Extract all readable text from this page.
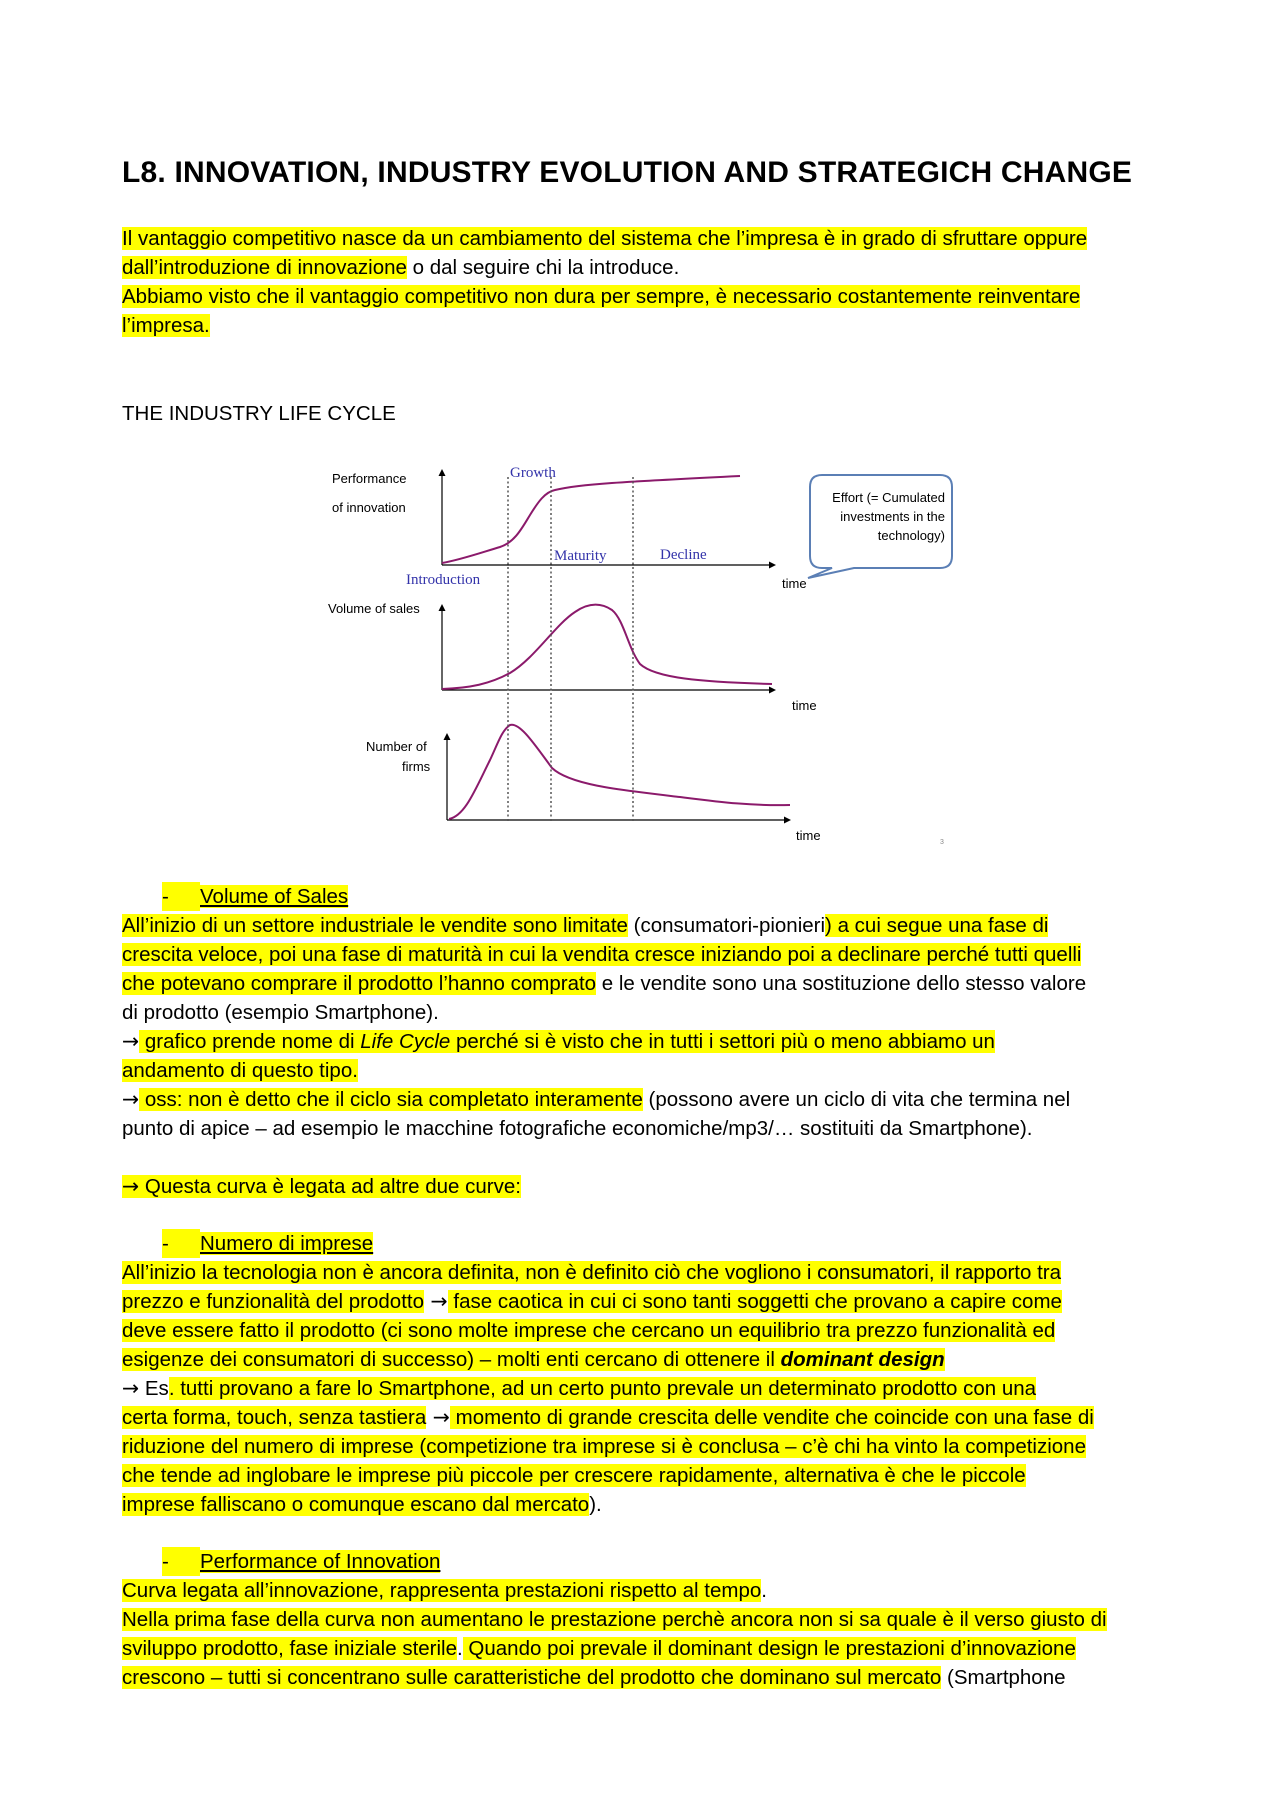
L8. INNOVATION, INDUSTRY EVOLUTION AND STRATEGICH CHANGE
Il vantaggio competitivo nasce da un cambiamento del sistema che l’impresa è in grado di sfruttare oppure
dall’introduzione di innovazione o dal seguire chi la introduce.
Abbiamo visto che il vantaggio competitivo non dura per sempre, è necessario costantemente reinventare
l’impresa.
THE INDUSTRY LIFE CYCLE
Performance
of innovation
Growth
Introduction
Maturity	Decline
time
Effort (= Cumulated
investments in the
technology)
Volume of sales
time
Number of
firms
time	3
- Volume of Sales
All’inizio di un settore industriale le vendite sono limitate (consumatori-pionieri) a cui segue una fase di
crescita veloce, poi una fase di maturità in cui la vendita cresce iniziando poi a declinare perché tutti quelli
che potevano comprare il prodotto l’hanno comprato e le vendite sono una sostituzione dello stesso valore
di prodotto (esempio Smartphone).
→ grafico prende nome di Life Cycle perché si è visto che in tutti i settori più o meno abbiamo un
andamento di questo tipo.
→ oss: non è detto che il ciclo sia completato interamente (possono avere un ciclo di vita che termina nel
punto di apice – ad esempio le macchine fotografiche economiche/mp3/… sostituiti da Smartphone).

→ Questa curva è legata ad altre due curve:
- Numero di imprese
All’inizio la tecnologia non è ancora definita, non è definito ciò che vogliono i consumatori, il rapporto tra
prezzo e funzionalità del prodotto → fase caotica in cui ci sono tanti soggetti che provano a capire come
deve essere fatto il prodotto (ci sono molte imprese che cercano un equilibrio tra prezzo funzionalità ed
esigenze dei consumatori di successo) – molti enti cercano di ottenere il dominant design
→ Es. tutti provano a fare lo Smartphone, ad un certo punto prevale un determinato prodotto con una
certa forma, touch, senza tastiera → momento di grande crescita delle vendite che coincide con una fase di
riduzione del numero di imprese (competizione tra imprese si è conclusa – c’è chi ha vinto la competizione
che tende ad inglobare le imprese più piccole per crescere rapidamente, alternativa è che le piccole
imprese falliscano o comunque escano dal mercato).
- Performance of Innovation
Curva legata all’innovazione, rappresenta prestazioni rispetto al tempo.
Nella prima fase della curva non aumentano le prestazione perchè ancora non si sa quale è il verso giusto di
sviluppo prodotto, fase iniziale sterile. Quando poi prevale il dominant design le prestazioni d’innovazione
crescono – tutti si concentrano sulle caratteristiche del prodotto che dominano sul mercato (Smartphone
